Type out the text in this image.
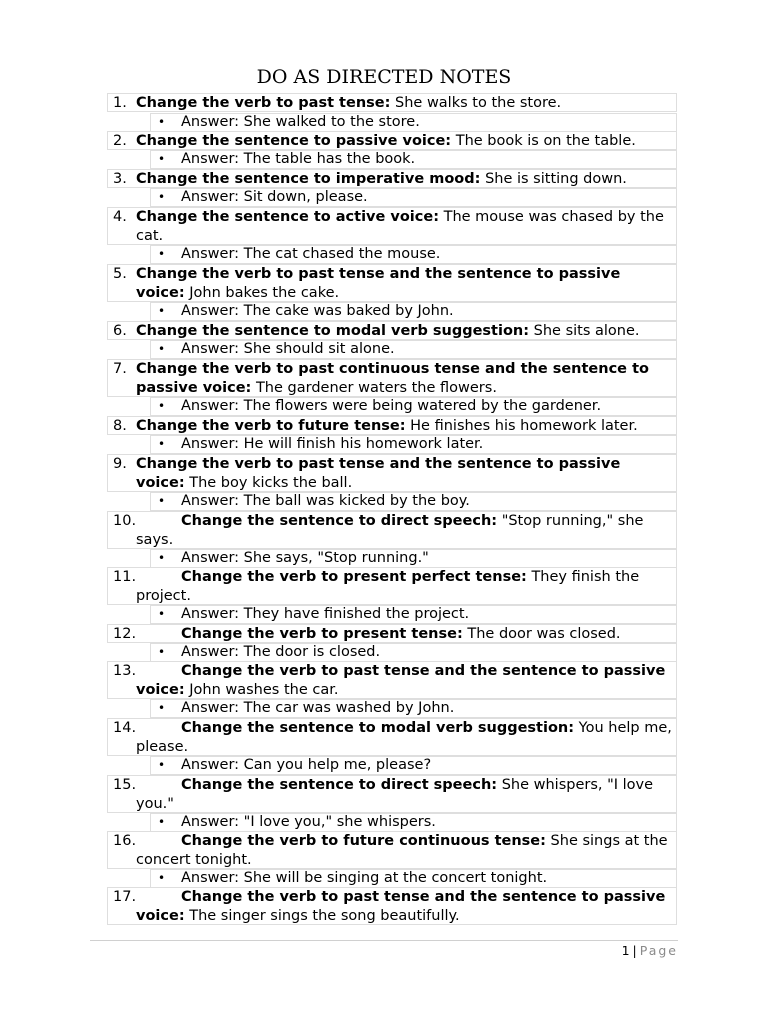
DO AS DIRECTED NOTES
1. Change the verb to past tense: She walks to the store.
• Answer: She walked to the store.
2. Change the sentence to passive voice: The book is on the table.
• Answer: The table has the book.
3. Change the sentence to imperative mood: She is sitting down.
• Answer: Sit down, please.
4. Change the sentence to active voice: The mouse was chased by the cat.
• Answer: The cat chased the mouse.
5. Change the verb to past tense and the sentence to passive voice: John bakes the cake.
• Answer: The cake was baked by John.
6. Change the sentence to modal verb suggestion: She sits alone.
• Answer: She should sit alone.
7. Change the verb to past continuous tense and the sentence to passive voice: The gardener waters the flowers.
• Answer: The flowers were being watered by the gardener.
8. Change the verb to future tense: He finishes his homework later.
• Answer: He will finish his homework later.
9. Change the verb to past tense and the sentence to passive voice: The boy kicks the ball.
• Answer: The ball was kicked by the boy.
10.	Change the sentence to direct speech: "Stop running," she says.
• Answer: She says, "Stop running."
11.	Change the verb to present perfect tense: They finish the project.
• Answer: They have finished the project.
12.	Change the verb to present tense: The door was closed.
• Answer: The door is closed.
13.	Change the verb to past tense and the sentence to passive voice: John washes the car.
• Answer: The car was washed by John.
14.	Change the sentence to modal verb suggestion: You help me, please.
• Answer: Can you help me, please?
15.	Change the sentence to direct speech: She whispers, "I love you."
• Answer: "I love you," she whispers.
16.	Change the verb to future continuous tense: She sings at the concert tonight.
• Answer: She will be singing at the concert tonight.
17.	Change the verb to past tense and the sentence to passive voice: The singer sings the song beautifully.
1 | Page
